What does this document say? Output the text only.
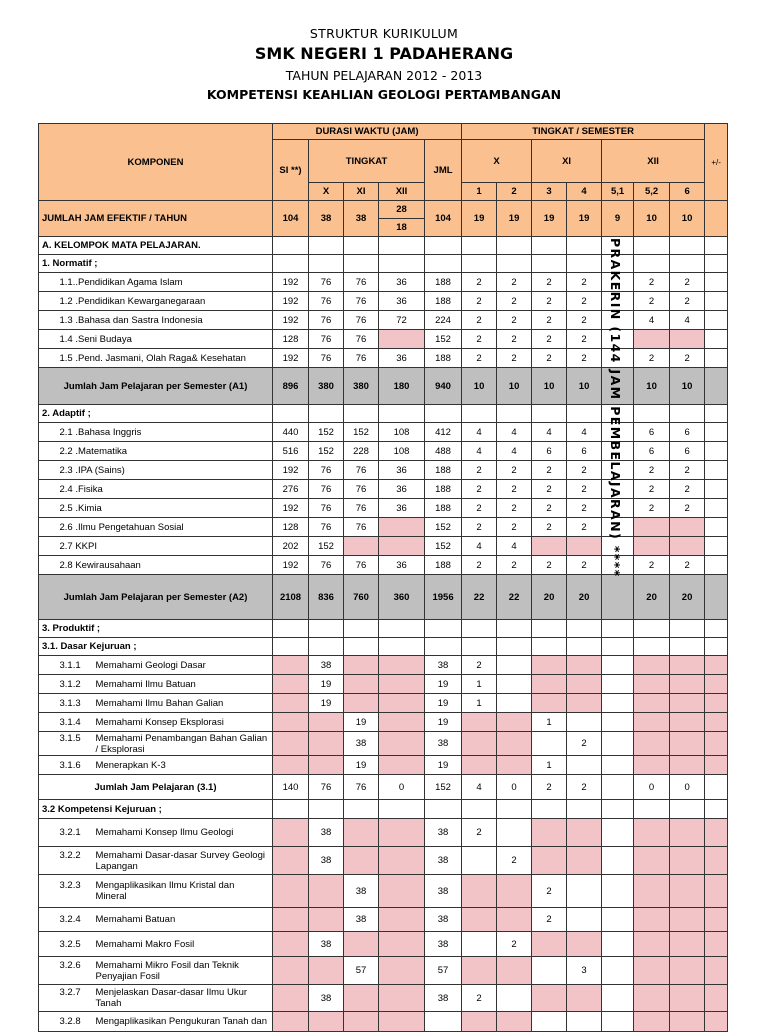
STRUKTUR KURIKULUM
SMK NEGERI 1 PADAHERANG
TAHUN PELAJARAN 2012 - 2013
KOMPETENSI KEAHLIAN GEOLOGI PERTAMBANGAN
KOMPONEN		DURASI WAKTU (JAM)					TINGKAT / SEMESTER							+/-
		SI **)	TINGKAT			JML	X		XI		XII			
			X	XI	XII		1	2	3	4	5,1	5,2	6	
JUMLAH JAM EFEKTIF / TAHUN		104	38	38	28	104	19	19	19	19	9	10	10	
					18									
A. KELOMPOK MATA PELAJARAN.														
1. Normatif ;														
	1.1..Pendidikan Agama Islam	192	76	76	36	188	2	2	2	2		2	2	
	1.2 .Pendidikan Kewarganegaraan	192	76	76	36	188	2	2	2	2		2	2	
	1.3 .Bahasa dan Sastra Indonesia	192	76	76	72	224	2	2	2	2		4	4	
	1.4 .Seni Budaya	128	76	76		152	2	2	2	2				
	1.5 .Pend. Jasmani, Olah Raga& Kesehatan	192	76	76	36	188	2	2	2	2		2	2	
Jumlah Jam Pelajaran per Semester (A1)		896	380	380	180	940	10	10	10	10		10	10	
2. Adaptif ;														
	2.1 .Bahasa Inggris	440	152	152	108	412	4	4	4	4		6	6	
	2.2 .Matematika	516	152	228	108	488	4	4	6	6		6	6	
	2.3 .IPA (Sains)	192	76	76	36	188	2	2	2	2		2	2	
	2.4 .Fisika	276	76	76	36	188	2	2	2	2		2	2	
	2.5 .Kimia	192	76	76	36	188	2	2	2	2		2	2	
	2.6 .Ilmu Pengetahuan Sosial	128	76	76		152	2	2	2	2				
	2.7 KKPI	202	152			152	4	4						
	2.8 Kewirausahaan	192	76	76	36	188	2	2	2	2		2	2	
Jumlah Jam Pelajaran per Semester (A2)		2108	836	760	360	1956	22	22	20	20		20	20	
3. Produktif ;														
3.1. Dasar Kejuruan ;														
	3.1.1 Memahami Geologi Dasar		38			38	2							
	3.1.2 Memahami Ilmu Batuan		19			19	1							
	3.1.3 Memahami Ilmu Bahan Galian		19			19	1							
	3.1.4 Memahami Konsep Eksplorasi			19		19			1					
	3.1.5 Memahami Penambangan Bahan Galian / Eksplorasi			38		38				2				
	3.1.6 Menerapkan K-3			19		19			1					
Jumlah Jam Pelajaran (3.1)		140	76	76	0	152	4	0	2	2		0	0	
3.2 Kompetensi Kejuruan ;														
	3.2.1 Memahami Konsep Ilmu Geologi		38			38	2							
	3.2.2 Memahami Dasar-dasar Survey Geologi Lapangan		38			38		2						
	3.2.3 Mengaplikasikan Ilmu Kristal dan Mineral			38		38			2					
	3.2.4 Memahami Batuan			38		38			2					
	3.2.5 Memahami Makro Fosil		38			38		2						
	3.2.6 Memahami Mikro Fosil dan Teknik Penyajian Fosil			57		57				3				
	3.2.7 Menjelaskan Dasar-dasar Ilmu Ukur Tanah		38			38	2							
	3.2.8 Mengaplikasikan Pengukuran Tanah dan													
PRAKERIN (144 JAM PEMBELAJARAN) ****
